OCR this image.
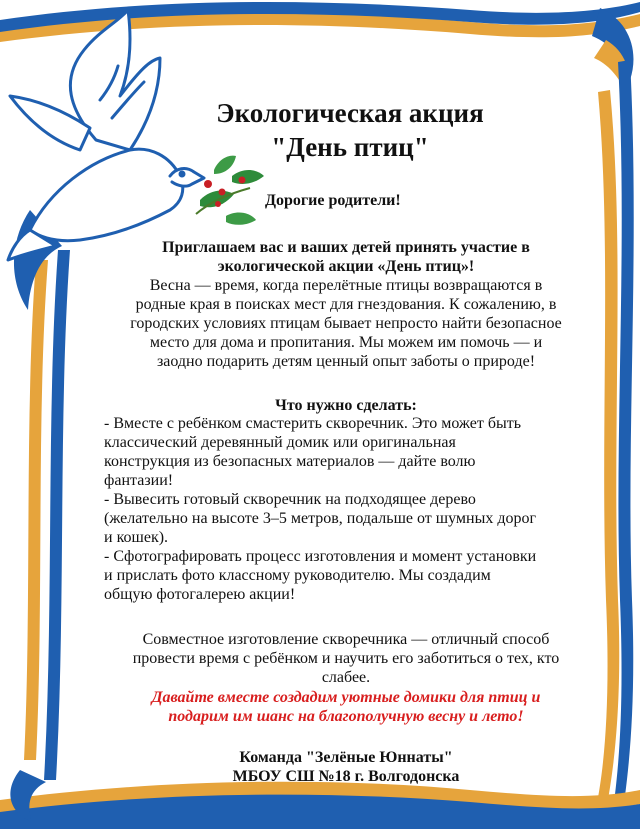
Экологическая акция
"День птиц"

Дорогие родители!

Приглашаем вас и ваших детей принять участие в
экологической акции «День птиц»!
Весна — время, когда перелётные птицы возвращаются в
родные края в поисках мест для гнездования. К сожалению, в
городских условиях птицам бывает непросто найти безопасное
место для дома и пропитания. Мы можем им помочь — и
заодно подарить детям ценный опыт заботы о природе!

Что нужно сделать:

- Вместе с ребёнком смастерить скворечник. Это может быть
классический деревянный домик или оригинальная
конструкция из безопасных материалов — дайте волю
фантазии!
- Вывесить готовый скворечник на подходящее дерево
(желательно на высоте 3–5 метров, подальше от шумных дорог
и кошек).
- Сфотографировать процесс изготовления и момент установки
и прислать фото классному руководителю. Мы создадим
общую фотогалерею акции!
Совместное изготовление скворечника — отличный способ
провести время с ребёнком и научить его заботиться о тех, кто
слабее.
Давайте вместе создадим уютные домики для птиц и
подарим им шанс на благополучную весну и лето!
Команда "Зелёные Юннаты"
МБОУ СШ №18 г. Волгодонска
